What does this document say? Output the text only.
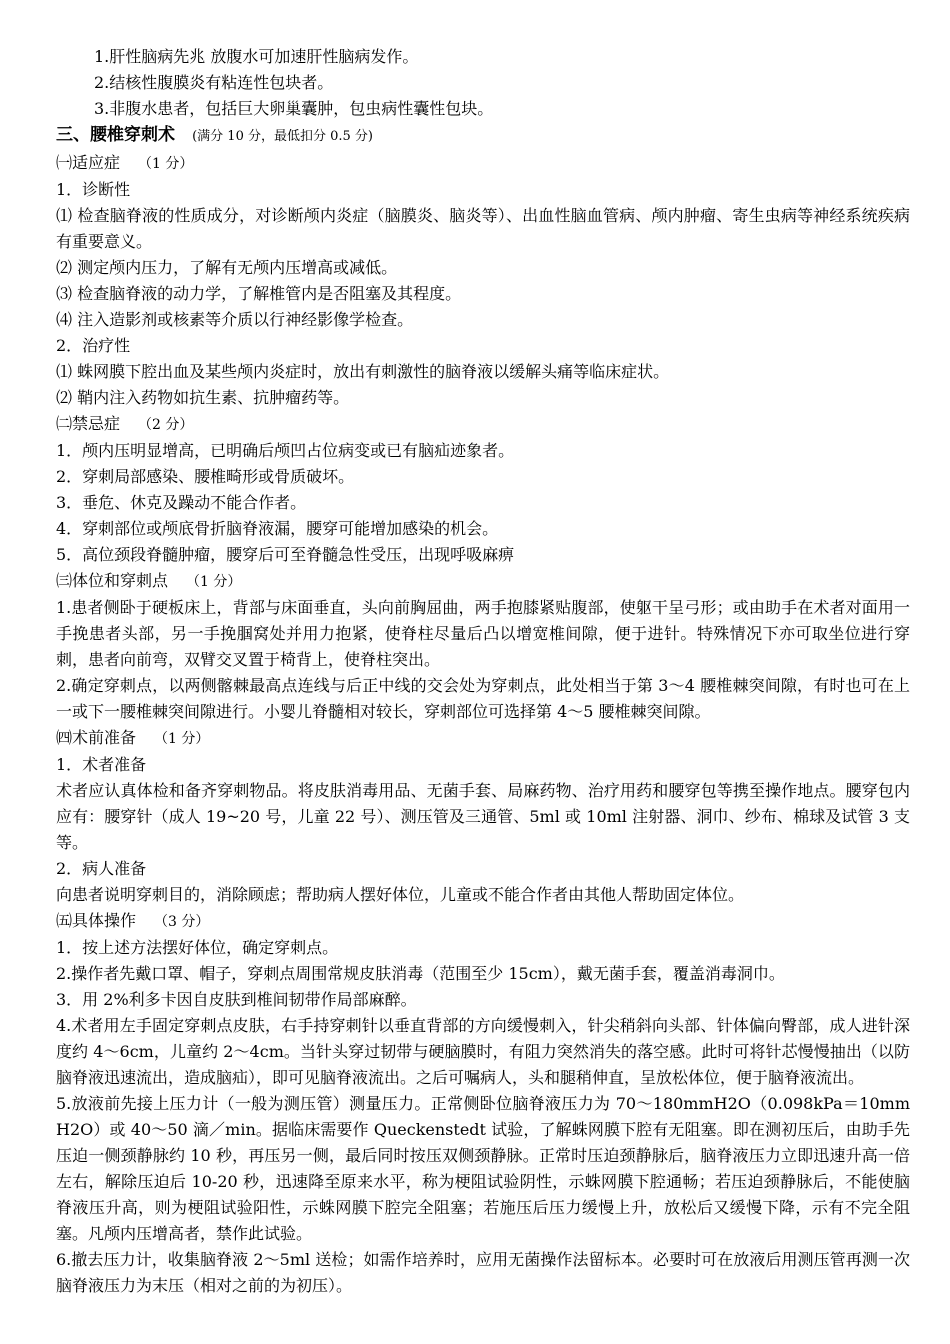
1.肝性脑病先兆 放腹水可加速肝性脑病发作。
2.结核性腹膜炎有粘连性包块者。
3.非腹水患者，包括巨大卵巢囊肿，包虫病性囊性包块。
三、腰椎穿刺术 (满分 10 分，最低扣分 0.5 分)
㈠适应症 （1 分）
1．诊断性
⑴ 检查脑脊液的性质成分，对诊断颅内炎症（脑膜炎、脑炎等）、出血性脑血管病、颅内肿瘤、寄生虫病等神经系统疾病有重要意义。
⑵ 测定颅内压力，了解有无颅内压增高或减低。
⑶ 检查脑脊液的动力学，了解椎管内是否阻塞及其程度。
⑷ 注入造影剂或核素等介质以行神经影像学检查。
2．治疗性
⑴ 蛛网膜下腔出血及某些颅内炎症时，放出有刺激性的脑脊液以缓解头痛等临床症状。
⑵ 鞘内注入药物如抗生素、抗肿瘤药等。
㈡禁忌症 （2 分）
1．颅内压明显增高，已明确后颅凹占位病变或已有脑疝迹象者。
2．穿刺局部感染、腰椎畸形或骨质破坏。
3．垂危、休克及躁动不能合作者。
4．穿刺部位或颅底骨折脑脊液漏，腰穿可能增加感染的机会。
5．高位颈段脊髓肿瘤，腰穿后可至脊髓急性受压，出现呼吸麻痹
㈢体位和穿刺点 （1 分）
1.患者侧卧于硬板床上，背部与床面垂直，头向前胸屈曲，两手抱膝紧贴腹部，使躯干呈弓形；或由助手在术者对面用一手挽患者头部，另一手挽腘窝处并用力抱紧，使脊柱尽量后凸以增宽椎间隙，便于进针。特殊情况下亦可取坐位进行穿刺，患者向前弯，双臂交叉置于椅背上，使脊柱突出。
2.确定穿刺点，以两侧髂棘最高点连线与后正中线的交会处为穿刺点，此处相当于第 3～4 腰椎棘突间隙，有时也可在上一或下一腰椎棘突间隙进行。小婴儿脊髓相对较长，穿刺部位可选择第 4～5 腰椎棘突间隙。
㈣术前准备 （1 分）
1．术者准备
术者应认真体检和备齐穿刺物品。将皮肤消毒用品、无菌手套、局麻药物、治疗用药和腰穿包等携至操作地点。腰穿包内应有：腰穿针（成人 19~20 号，儿童 22 号）、测压管及三通管、5ml 或 10ml 注射器、洞巾、纱布、棉球及试管 3 支等。
2．病人准备
向患者说明穿刺目的，消除顾虑；帮助病人摆好体位，儿童或不能合作者由其他人帮助固定体位。
㈤具体操作 （3 分）
1．按上述方法摆好体位，确定穿刺点。
2.操作者先戴口罩、帽子，穿刺点周围常规皮肤消毒（范围至少 15cm），戴无菌手套，覆盖消毒洞巾。
3．用 2%利多卡因自皮肤到椎间韧带作局部麻醉。
4.术者用左手固定穿刺点皮肤，右手持穿刺针以垂直背部的方向缓慢刺入，针尖稍斜向头部、针体偏向臀部，成人进针深度约 4～6cm，儿童约 2～4cm。当针头穿过韧带与硬脑膜时，有阻力突然消失的落空感。此时可将针芯慢慢抽出（以防脑脊液迅速流出，造成脑疝），即可见脑脊液流出。之后可嘱病人，头和腿稍伸直，呈放松体位，便于脑脊液流出。
5.放液前先接上压力计（一般为测压管）测量压力。正常侧卧位脑脊液压力为 70～180mmH2O（0.098kPa＝10mmH2O）或 40～50 滴／min。据临床需要作 Queckenstedt 试验，了解蛛网膜下腔有无阻塞。即在测初压后，由助手先压迫一侧颈静脉约 10 秒，再压另一侧，最后同时按压双侧颈静脉。正常时压迫颈静脉后，脑脊液压力立即迅速升高一倍左右，解除压迫后 10-20 秒，迅速降至原来水平，称为梗阻试验阴性，示蛛网膜下腔通畅；若压迫颈静脉后，不能使脑脊液压升高，则为梗阻试验阳性，示蛛网膜下腔完全阻塞；若施压后压力缓慢上升，放松后又缓慢下降，示有不完全阻塞。凡颅内压增高者，禁作此试验。
6.撤去压力计，收集脑脊液 2～5ml 送检；如需作培养时，应用无菌操作法留标本。必要时可在放液后用测压管再测一次脑脊液压力为末压（相对之前的为初压）。
